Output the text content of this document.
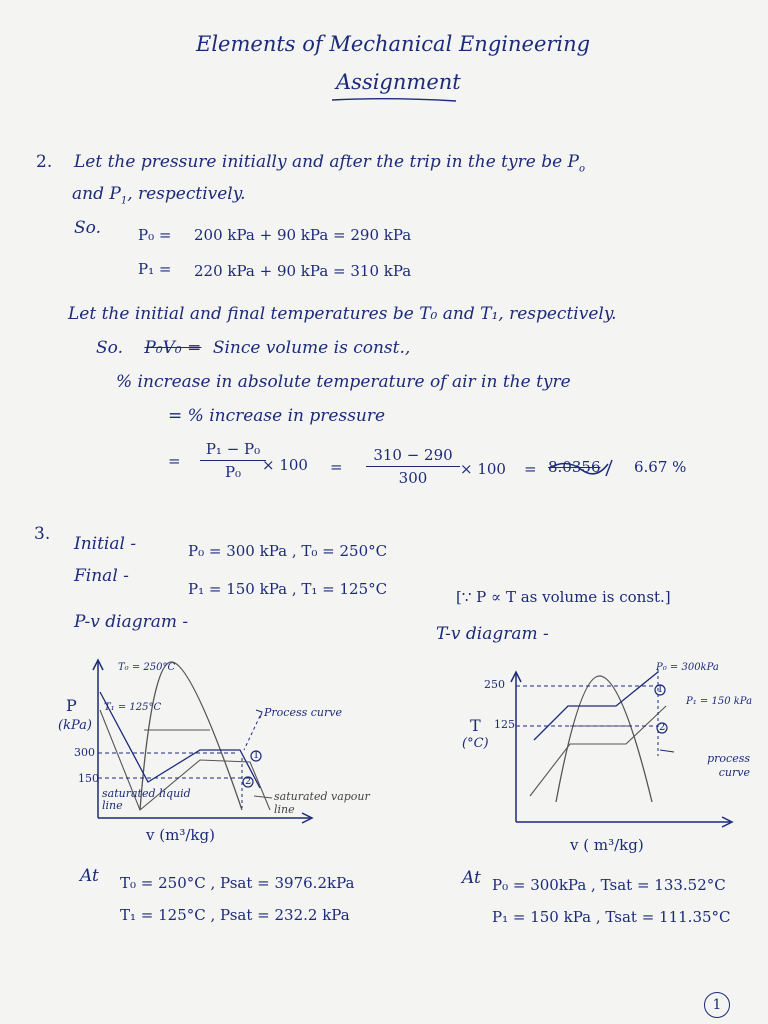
Elements of Mechanical Engineering
Assignment
2. Let the pressure initially and after the trip in the tyre be $P_o$
and $P_1$, respectively.
So. P₀ = 200 kPa + 90 kPa = 290 kPa
P₁ = 220 kPa + 90 kPa = 310 kPa
Let the initial and final temperatures be T₀ and T₁, respectively.
So. P₀V₀ = Since volume is const.,
% increase in absolute temperature of air in the tyre
= % increase in pressure
=
P₁ − P₀
P₀	× 100 =
310 − 290
300	× 100 = 8.0356 6.67 %
3. Initial -	P₀ = 300 kPa , T₀ = 250°C
Final -
P₁ = 150 kPa , T₁ = 125°C	[∵ P ∝ T as volume is const.]
P-v diagram -
T-v diagram -
P
(kPa)
300
150
T₀ = 250°C
T₁ = 125°C	Process curve
saturated liquid line
saturated vapour line
1
2
v (m³/kg)
T
(°C)
250
125
P₀ = 300kPa
P₁ = 150 kPa
process curve
1
2
v ( m³/kg)
At T₀ = 250°C , Psat = 3976.2kPa
T₁ = 125°C , Psat = 232.2 kPa
At P₀ = 300kPa , Tsat = 133.52°C
P₁ = 150 kPa , Tsat = 111.35°C
1
